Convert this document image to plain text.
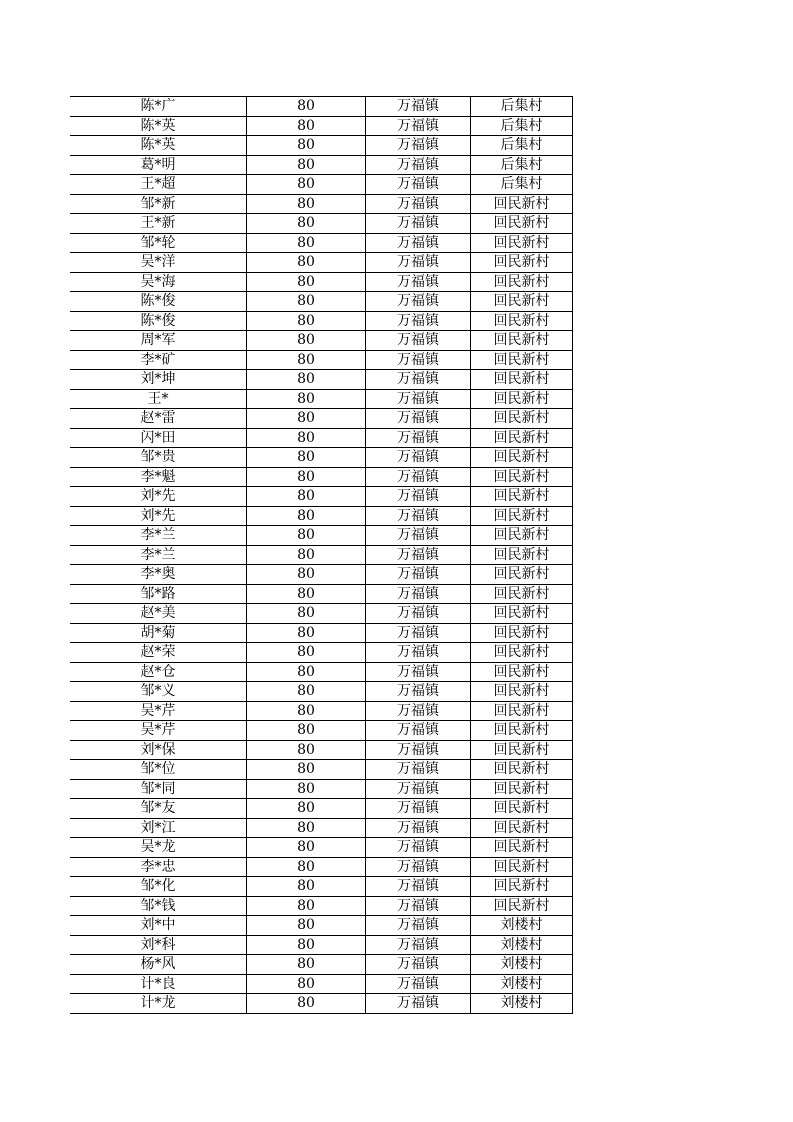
陈*广	80	万福镇	后集村
陈*英	80	万福镇	后集村
陈*英	80	万福镇	后集村
葛*明	80	万福镇	后集村
王*超	80	万福镇	后集村
邹*新	80	万福镇	回民新村
王*新	80	万福镇	回民新村
邹*轮	80	万福镇	回民新村
吴*洋	80	万福镇	回民新村
吴*海	80	万福镇	回民新村
陈*俊	80	万福镇	回民新村
陈*俊	80	万福镇	回民新村
周*军	80	万福镇	回民新村
李*矿	80	万福镇	回民新村
刘*坤	80	万福镇	回民新村
王*	80	万福镇	回民新村
赵*雷	80	万福镇	回民新村
闪*田	80	万福镇	回民新村
邹*贵	80	万福镇	回民新村
李*魁	80	万福镇	回民新村
刘*先	80	万福镇	回民新村
刘*先	80	万福镇	回民新村
李*兰	80	万福镇	回民新村
李*兰	80	万福镇	回民新村
李*奥	80	万福镇	回民新村
邹*路	80	万福镇	回民新村
赵*美	80	万福镇	回民新村
胡*菊	80	万福镇	回民新村
赵*荣	80	万福镇	回民新村
赵*仓	80	万福镇	回民新村
邹*义	80	万福镇	回民新村
吴*芹	80	万福镇	回民新村
吴*芹	80	万福镇	回民新村
刘*保	80	万福镇	回民新村
邹*位	80	万福镇	回民新村
邹*同	80	万福镇	回民新村
邹*友	80	万福镇	回民新村
刘*江	80	万福镇	回民新村
吴*龙	80	万福镇	回民新村
李*忠	80	万福镇	回民新村
邹*化	80	万福镇	回民新村
邹*钱	80	万福镇	回民新村
刘*中	80	万福镇	刘楼村
刘*科	80	万福镇	刘楼村
杨*风	80	万福镇	刘楼村
计*良	80	万福镇	刘楼村
计*龙	80	万福镇	刘楼村
